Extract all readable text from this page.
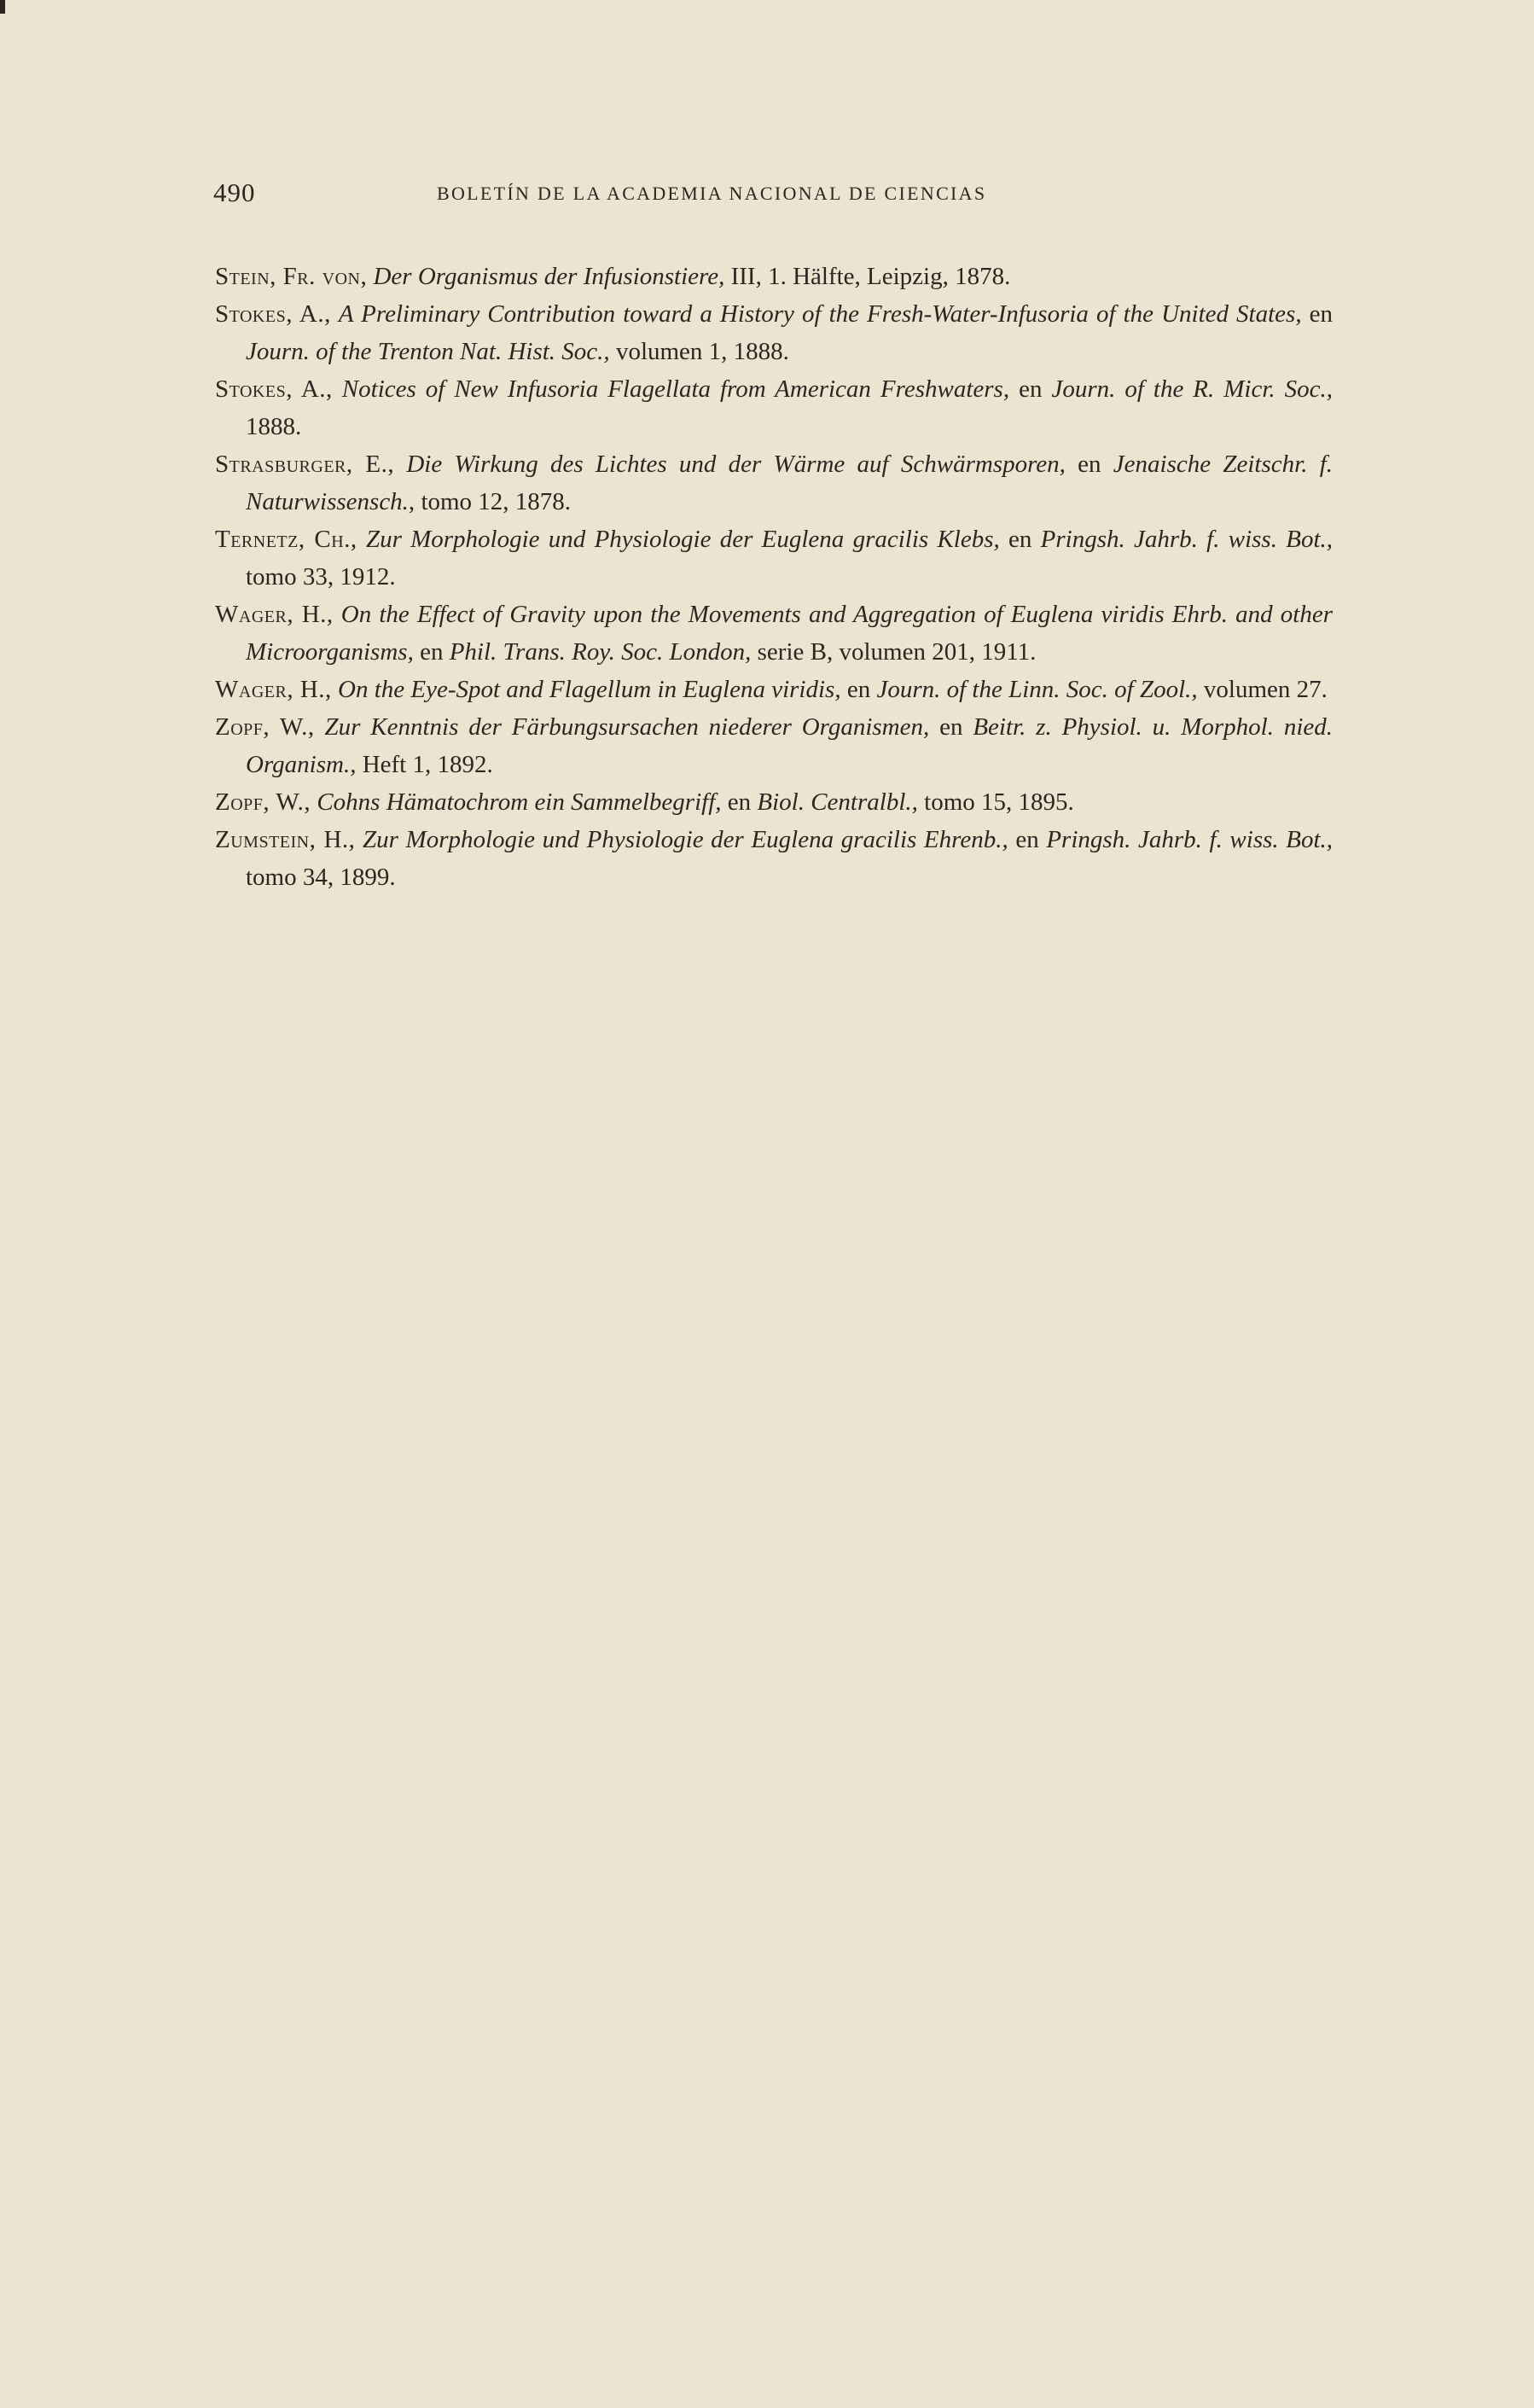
490	BOLETÍN DE LA ACADEMIA NACIONAL DE CIENCIAS

Stein, Fr. von, Der Organismus der Infusionstiere, III, 1. Hälfte, Leipzig, 1878.

Stokes, A., A Preliminary Contribution toward a History of the Fresh-Water-Infusoria of the United States, en Journ. of the Trenton Nat. Hist. Soc., volumen 1, 1888.

Stokes, A., Notices of New Infusoria Flagellata from American Freshwaters, en Journ. of the R. Micr. Soc., 1888.

Strasburger, E., Die Wirkung des Lichtes und der Wärme auf Schwärmsporen, en Jenaische Zeitschr. f. Naturwissensch., tomo 12, 1878.

Ternetz, Ch., Zur Morphologie und Physiologie der Euglena gracilis Klebs, en Pringsh. Jahrb. f. wiss. Bot., tomo 33, 1912.

Wager, H., On the Effect of Gravity upon the Movements and Aggregation of Euglena viridis Ehrb. and other Microorganisms, en Phil. Trans. Roy. Soc. London, serie B, volumen 201, 1911.

Wager, H., On the Eye-Spot and Flagellum in Euglena viridis, en Journ. of the Linn. Soc. of Zool., volumen 27.

Zopf, W., Zur Kenntnis der Färbungsursachen niederer Organismen, en Beitr. z. Physiol. u. Morphol. nied. Organism., Heft 1, 1892.

Zopf, W., Cohns Hämatochrom ein Sammelbegriff, en Biol. Centralbl., tomo 15, 1895.

Zumstein, H., Zur Morphologie und Physiologie der Euglena gracilis Ehrenb., en Pringsh. Jahrb. f. wiss. Bot., tomo 34, 1899.
